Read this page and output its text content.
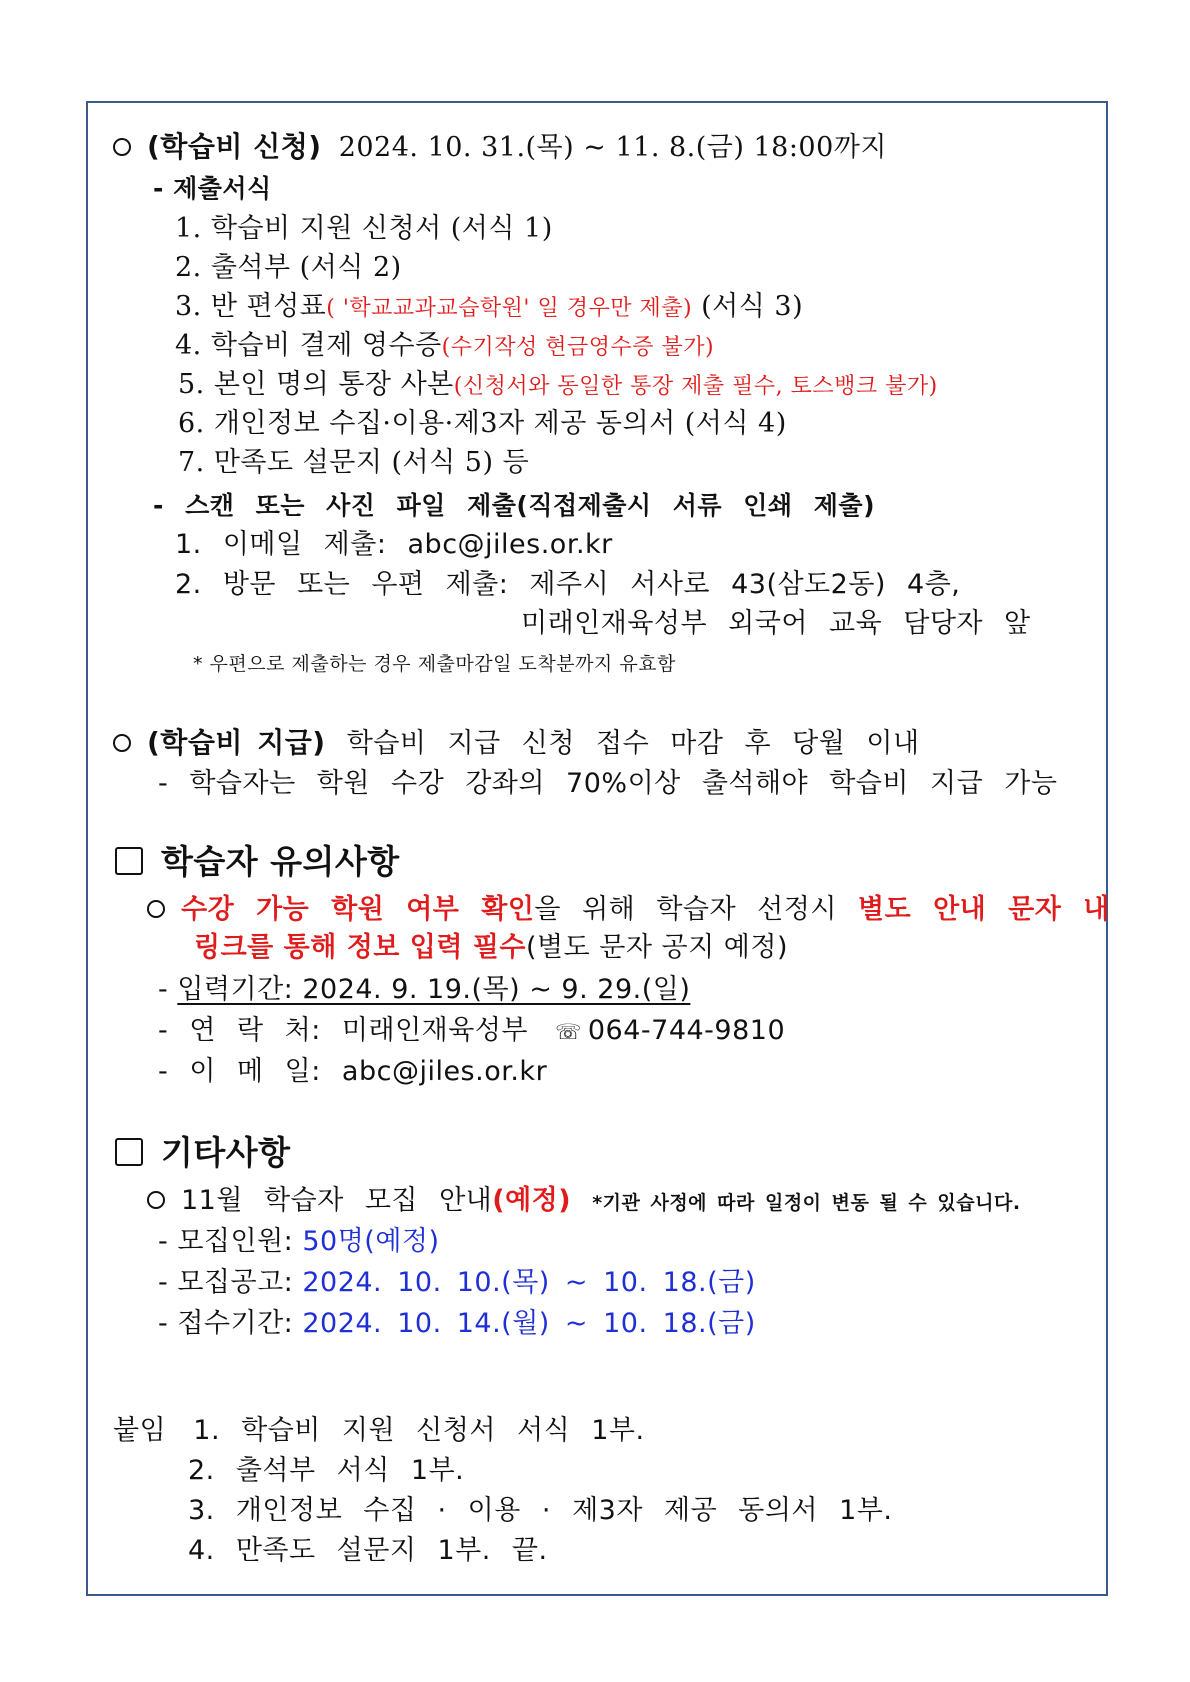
(학습비 신청) 2024. 10. 31.(목) ~ 11. 8.(금) 18:00까지
- 제출서식
1. 학습비 지원 신청서 (서식 1)
2. 출석부 (서식 2)
3. 반 편성표( '학교교과교습학원' 일 경우만 제출) (서식 3)
4. 학습비 결제 영수증(수기작성 현금영수증 불가)
5. 본인 명의 통장 사본(신청서와 동일한 통장 제출 필수, 토스뱅크 불가)
6. 개인정보 수집·이용·제3자 제공 동의서 (서식 4)
7. 만족도 설문지 (서식 5) 등
- 스캔 또는 사진 파일 제출(직접제출시 서류 인쇄 제출)
1. 이메일 제출: abc@jiles.or.kr
2. 방문 또는 우편 제출: 제주시 서사로 43(삼도2동) 4층,
미래인재육성부 외국어 교육 담당자 앞
* 우편으로 제출하는 경우 제출마감일 도착분까지 유효함
(학습비 지급) 학습비 지급 신청 접수 마감 후 당월 이내
- 학습자는 학원 수강 강좌의 70%이상 출석해야 학습비 지급 가능
학습자 유의사항
수강 가능 학원 여부 확인을 위해 학습자 선정시 별도 안내 문자 내
링크를 통해 정보 입력 필수(별도 문자 공지 예정)
- 입력기간: 2024. 9. 19.(목) ~ 9. 29.(일)
- 연 락 처: 미래인재육성부 ☏ 064-744-9810
- 이 메 일: abc@jiles.or.kr
기타사항
11월 학습자 모집 안내(예정) *기관 사정에 따라 일정이 변동 될 수 있습니다.
- 모집인원: 50명(예정)
- 모집공고: 2024. 10. 10.(목) ~ 10. 18.(금)
- 접수기간: 2024. 10. 14.(월) ~ 10. 18.(금)
붙임 1. 학습비 지원 신청서 서식 1부.
2. 출석부 서식 1부.
3. 개인정보 수집 · 이용 · 제3자 제공 동의서 1부.
4. 만족도 설문지 1부. 끝.
